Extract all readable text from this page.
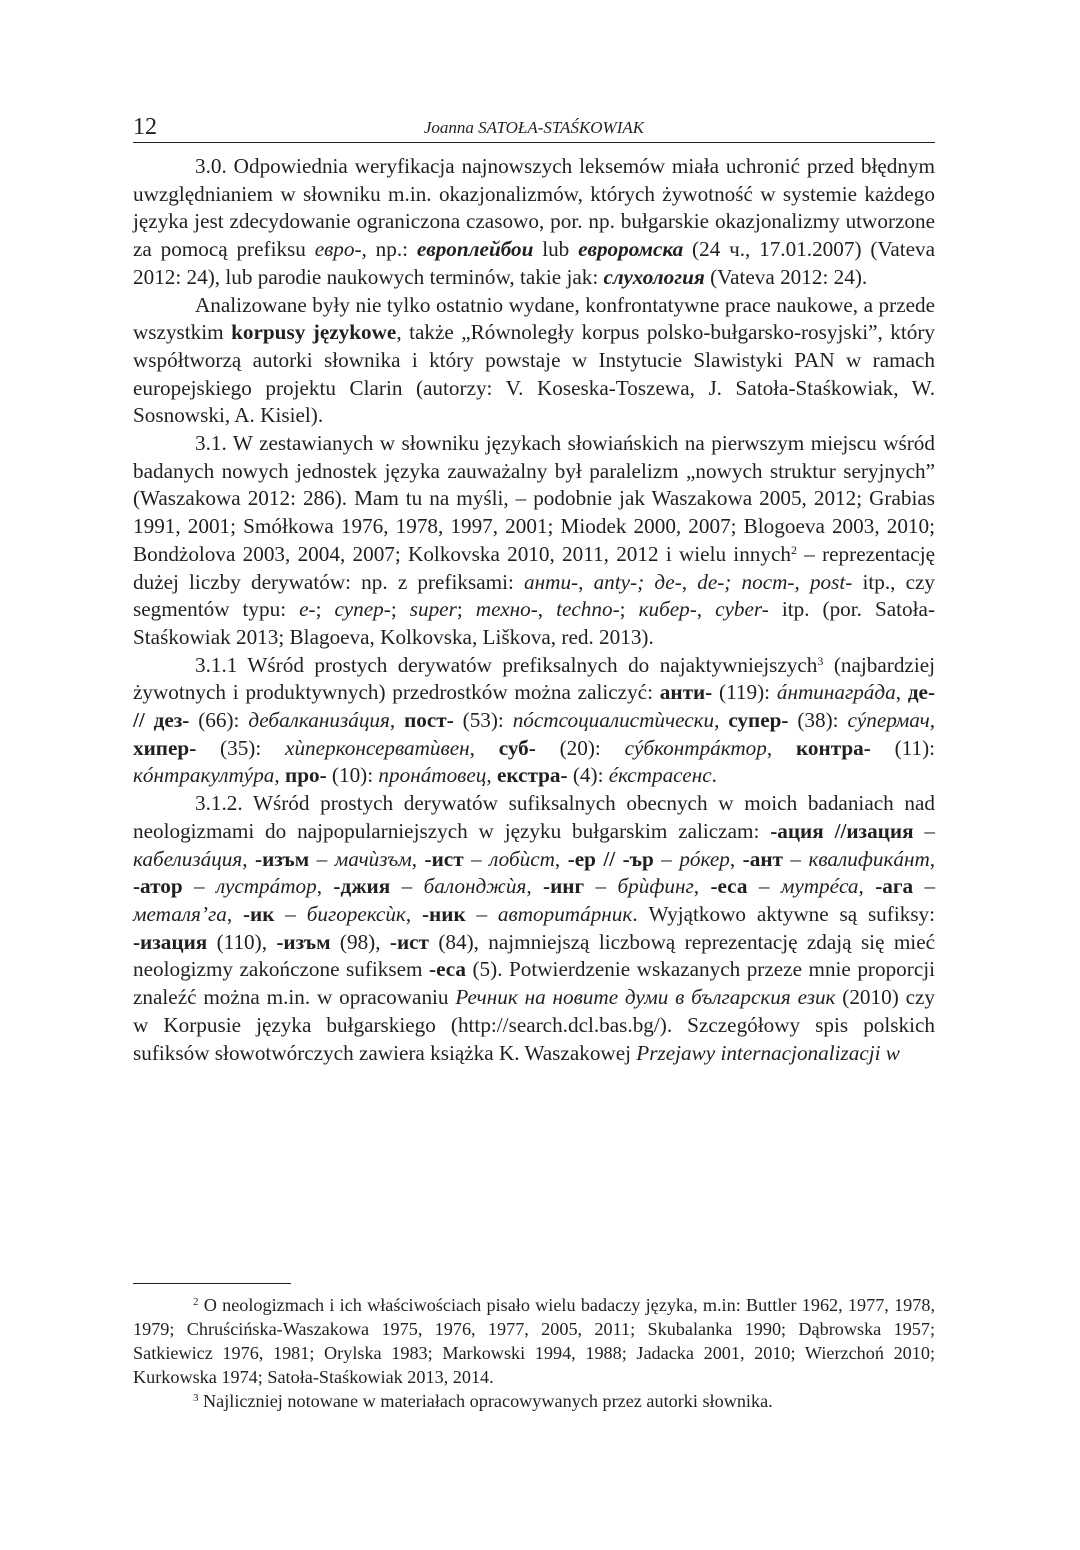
12	Joanna SATOŁA-STAŚKOWIAK

3.0. Odpowiednia weryfikacja najnowszych leksemów miała uchronić przed błędnym uwzględnianiem w słowniku m.in. okazjonalizmów, których żywotność w systemie każdego języka jest zdecydowanie ograniczona czasowo, por. np. bułgarskie okazjonalizmy utworzone za pomocą prefiksu евро-, np.: европлейбои lub евроромска (24 ч., 17.01.2007) (Vateva 2012: 24), lub parodie naukowych terminów, takie jak: слухология (Vateva 2012: 24).

Analizowane były nie tylko ostatnio wydane, konfrontatywne prace naukowe, a przede wszystkim korpusy językowe, także „Równoległy korpus polsko-bułgarsko-rosyjski”, który współtworzą autorki słownika i który powstaje w Instytucie Slawistyki PAN w ramach europejskiego projektu Clarin (autorzy: V. Koseska-Toszewa, J. Satoła-Staśkowiak, W. Sosnowski, A. Kisiel).

3.1. W zestawianych w słowniku językach słowiańskich na pierwszym miejscu wśród badanych nowych jednostek języka zauważalny był paralelizm „nowych struktur seryjnych” (Waszakowa 2012: 286). Mam tu na myśli, – podobnie jak Waszakowa 2005, 2012; Grabias 1991, 2001; Smółkowa 1976, 1978, 1997, 2001; Miodek 2000, 2007; Blogoeva 2003, 2010; Bondżolova 2003, 2004, 2007; Kolkovska 2010, 2011, 2012 i wielu innych$^2$ – reprezentację dużej liczby derywatów: np. z prefiksami: анти-, anty-; де-, de-; пост-, post- itp., czy segmentów typu: е-; супер-; super; техно-, techno-; кибер-, cyber- itp. (por. Satoła-Staśkowiak 2013; Blagoeva, Kolkovska, Liškova, red. 2013).

3.1.1 Wśród prostych derywatów prefiksalnych do najaktywniejszych$^3$ (najbardziej żywotnych i produktywnych) przedrostków można zaliczyć: анти- (119): áнтинагрáда, де- // дез- (66): дебалканизáция, пост- (53): пóстсоциалистѝчески, супер- (38): сýпермач, хипер- (35): хѝперконсерватѝвен, суб- (20): сýбконтрáктор, контра- (11): кóнтракултýра, про- (10): пронáтовец, екстра- (4): éкстрасенс.

3.1.2. Wśród prostych derywatów sufiksalnych obecnych w moich badaniach nad neologizmami do najpopularniejszych w języku bułgarskim zaliczam: -ация //изация – кабелизáция, -изъм – мачѝзъм, -ист – лобѝст, -ер // -ър – рóкер, -ант – квалификáнт, -атор – лустрáтор, -джия – балонджѝя, -инг – брѝфинг, -еса – мутрéса, -ага – металя’га, -ик – бигорексѝк, -ник – авторитáрник. Wyjątkowo aktywne są sufiksy: -изация (110), -изъм (98), -ист (84), najmniejszą liczbową reprezentację zdają się mieć neologizmy zakończone sufiksem -еса (5). Potwierdzenie wskazanych przeze mnie proporcji znaleźć można m.in. w opracowaniu Речник на новите думи в българския език (2010) czy w Korpusie języka bułgarskiego (http://search.dcl.bas.bg/). Szczegółowy spis polskich sufiksów słowotwórczych zawiera książka K. Waszakowej Przejawy internacjonalizacji w

$^2$ O neologizmach i ich właściwościach pisało wielu badaczy języka, m.in: Buttler 1962, 1977, 1978, 1979; Chruścińska-Waszakowa 1975, 1976, 1977, 2005, 2011; Skubalanka 1990; Dąbrowska 1957; Satkiewicz 1976, 1981; Orylska 1983; Markowski 1994, 1988; Jadacka 2001, 2010; Wierzchoń 2010; Kurkowska 1974; Satoła-Staśkowiak 2013, 2014.

$^3$ Najliczniej notowane w materiałach opracowywanych przez autorki słownika.
